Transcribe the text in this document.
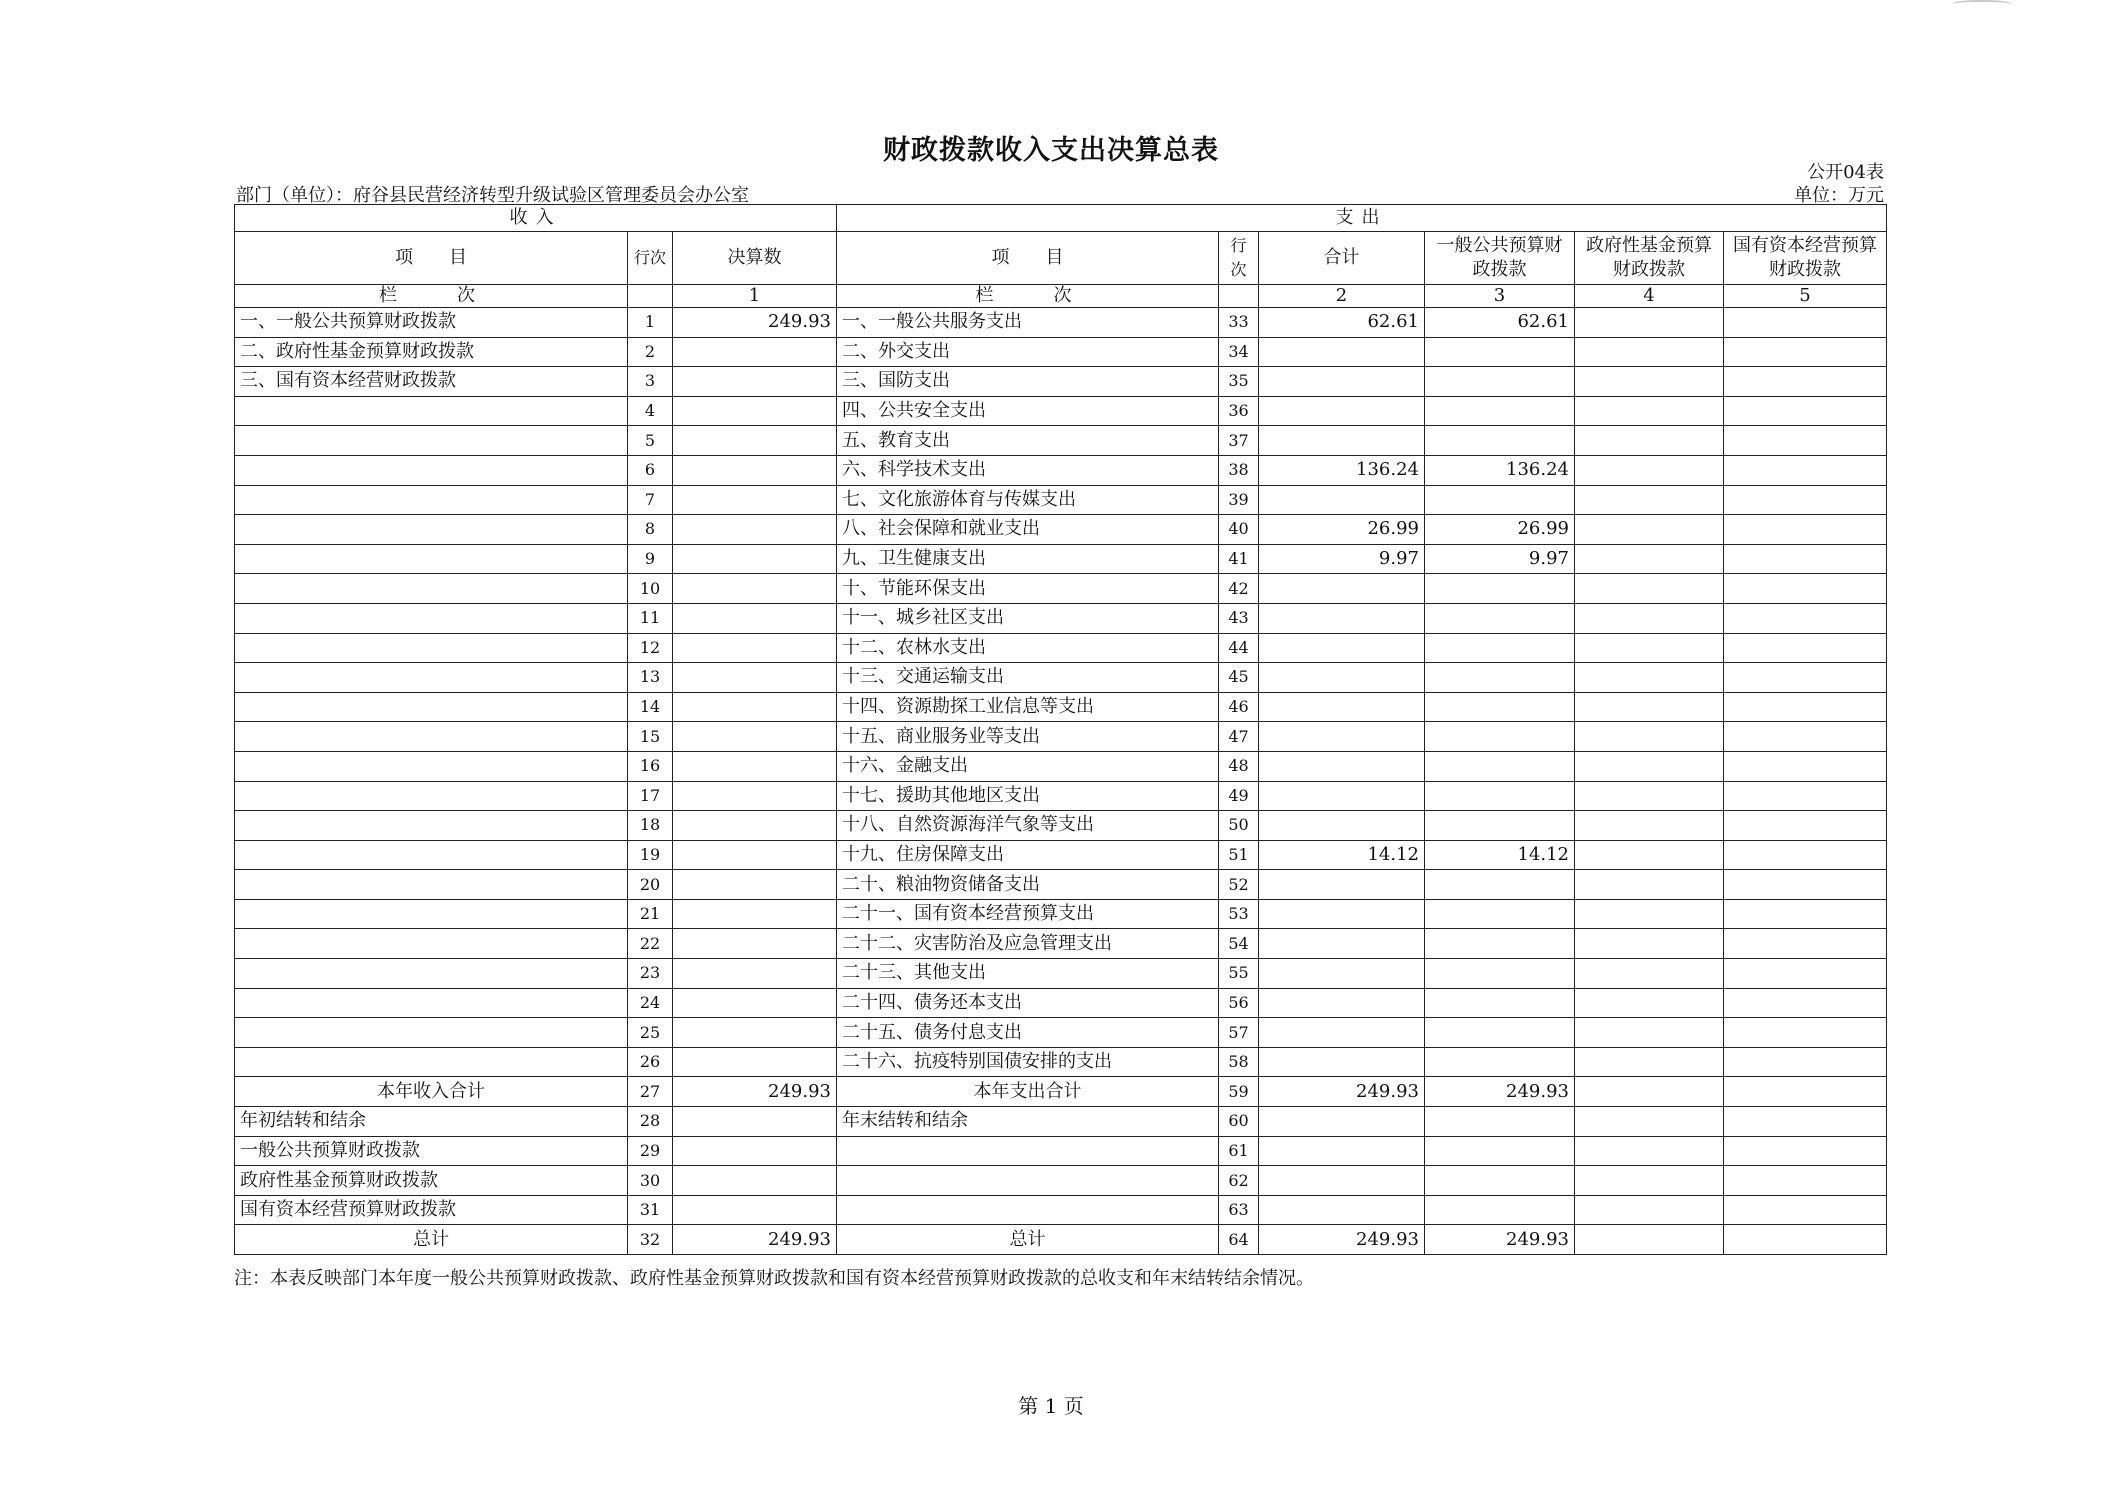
财政拨款收入支出决算总表
公开04表
部门（单位）：府谷县民营经济转型升级试验区管理委员会办公室	单位：万元
收入			支出					
项　　目	行次	决算数	项　　目	行次	合计	一般公共预算财政拨款	政府性基金预算财政拨款	国有资本经营预算财政拨款
栏　　次		1	栏　　次		2	3	4	5
一、一般公共预算财政拨款	1	249.93	一、一般公共服务支出	33	62.61	62.61		
二、政府性基金预算财政拨款	2		二、外交支出	34				
三、国有资本经营财政拨款	3		三、国防支出	35				
	4		四、公共安全支出	36				
	5		五、教育支出	37				
	6		六、科学技术支出	38	136.24	136.24		
	7		七、文化旅游体育与传媒支出	39				
	8		八、社会保障和就业支出	40	26.99	26.99		
	9		九、卫生健康支出	41	9.97	9.97		
	10		十、节能环保支出	42				
	11		十一、城乡社区支出	43				
	12		十二、农林水支出	44				
	13		十三、交通运输支出	45				
	14		十四、资源勘探工业信息等支出	46				
	15		十五、商业服务业等支出	47				
	16		十六、金融支出	48				
	17		十七、援助其他地区支出	49				
	18		十八、自然资源海洋气象等支出	50				
	19		十九、住房保障支出	51	14.12	14.12		
	20		二十、粮油物资储备支出	52				
	21		二十一、国有资本经营预算支出	53				
	22		二十二、灾害防治及应急管理支出	54				
	23		二十三、其他支出	55				
	24		二十四、债务还本支出	56				
	25		二十五、债务付息支出	57				
	26		二十六、抗疫特别国债安排的支出	58				
本年收入合计	27	249.93	本年支出合计	59	249.93	249.93		
年初结转和结余	28		年末结转和结余	60				
一般公共预算财政拨款	29			61				
政府性基金预算财政拨款	30			62				
国有资本经营预算财政拨款	31			63				
总计	32	249.93	总计	64	249.93	249.93		
注：本表反映部门本年度一般公共预算财政拨款、政府性基金预算财政拨款和国有资本经营预算财政拨款的总收支和年末结转结余情况。
第 1 页
